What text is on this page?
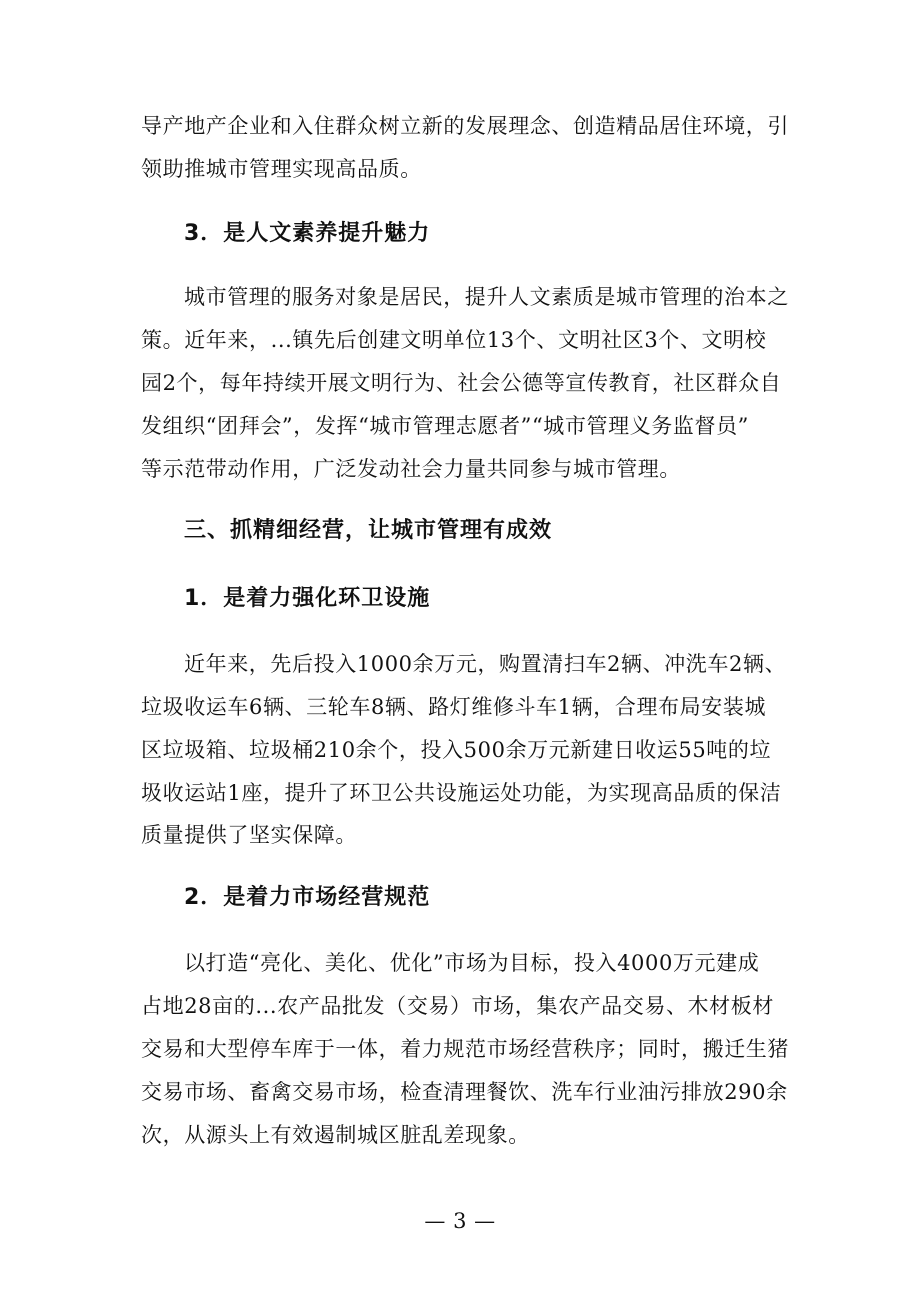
导产地产企业和入住群众树立新的发展理念、创造精品居住环境，引
领助推城市管理实现高品质。
3．是人文素养提升魅力
城市管理的服务对象是居民，提升人文素质是城市管理的治本之
策。近年来，...镇先后创建文明单位13个、文明社区3个、文明校
园2个，每年持续开展文明行为、社会公德等宣传教育，社区群众自
发组织“团拜会”，发挥“城市管理志愿者”“城市管理义务监督员”
等示范带动作用，广泛发动社会力量共同参与城市管理。
三、抓精细经营，让城市管理有成效
1．是着力强化环卫设施
近年来，先后投入1000余万元，购置清扫车2辆、冲洗车2辆、
垃圾收运车6辆、三轮车8辆、路灯维修斗车1辆，合理布局安装城
区垃圾箱、垃圾桶210余个，投入500余万元新建日收运55吨的垃
圾收运站1座，提升了环卫公共设施运处功能，为实现高品质的保洁
质量提供了坚实保障。
2．是着力市场经营规范
以打造“亮化、美化、优化”市场为目标，投入4000万元建成
占地28亩的...农产品批发（交易）市场，集农产品交易、木材板材
交易和大型停车库于一体，着力规范市场经营秩序；同时，搬迁生猪
交易市场、畜禽交易市场，检查清理餐饮、洗车行业油污排放290余
次，从源头上有效遏制城区脏乱差现象。
— 3 —
